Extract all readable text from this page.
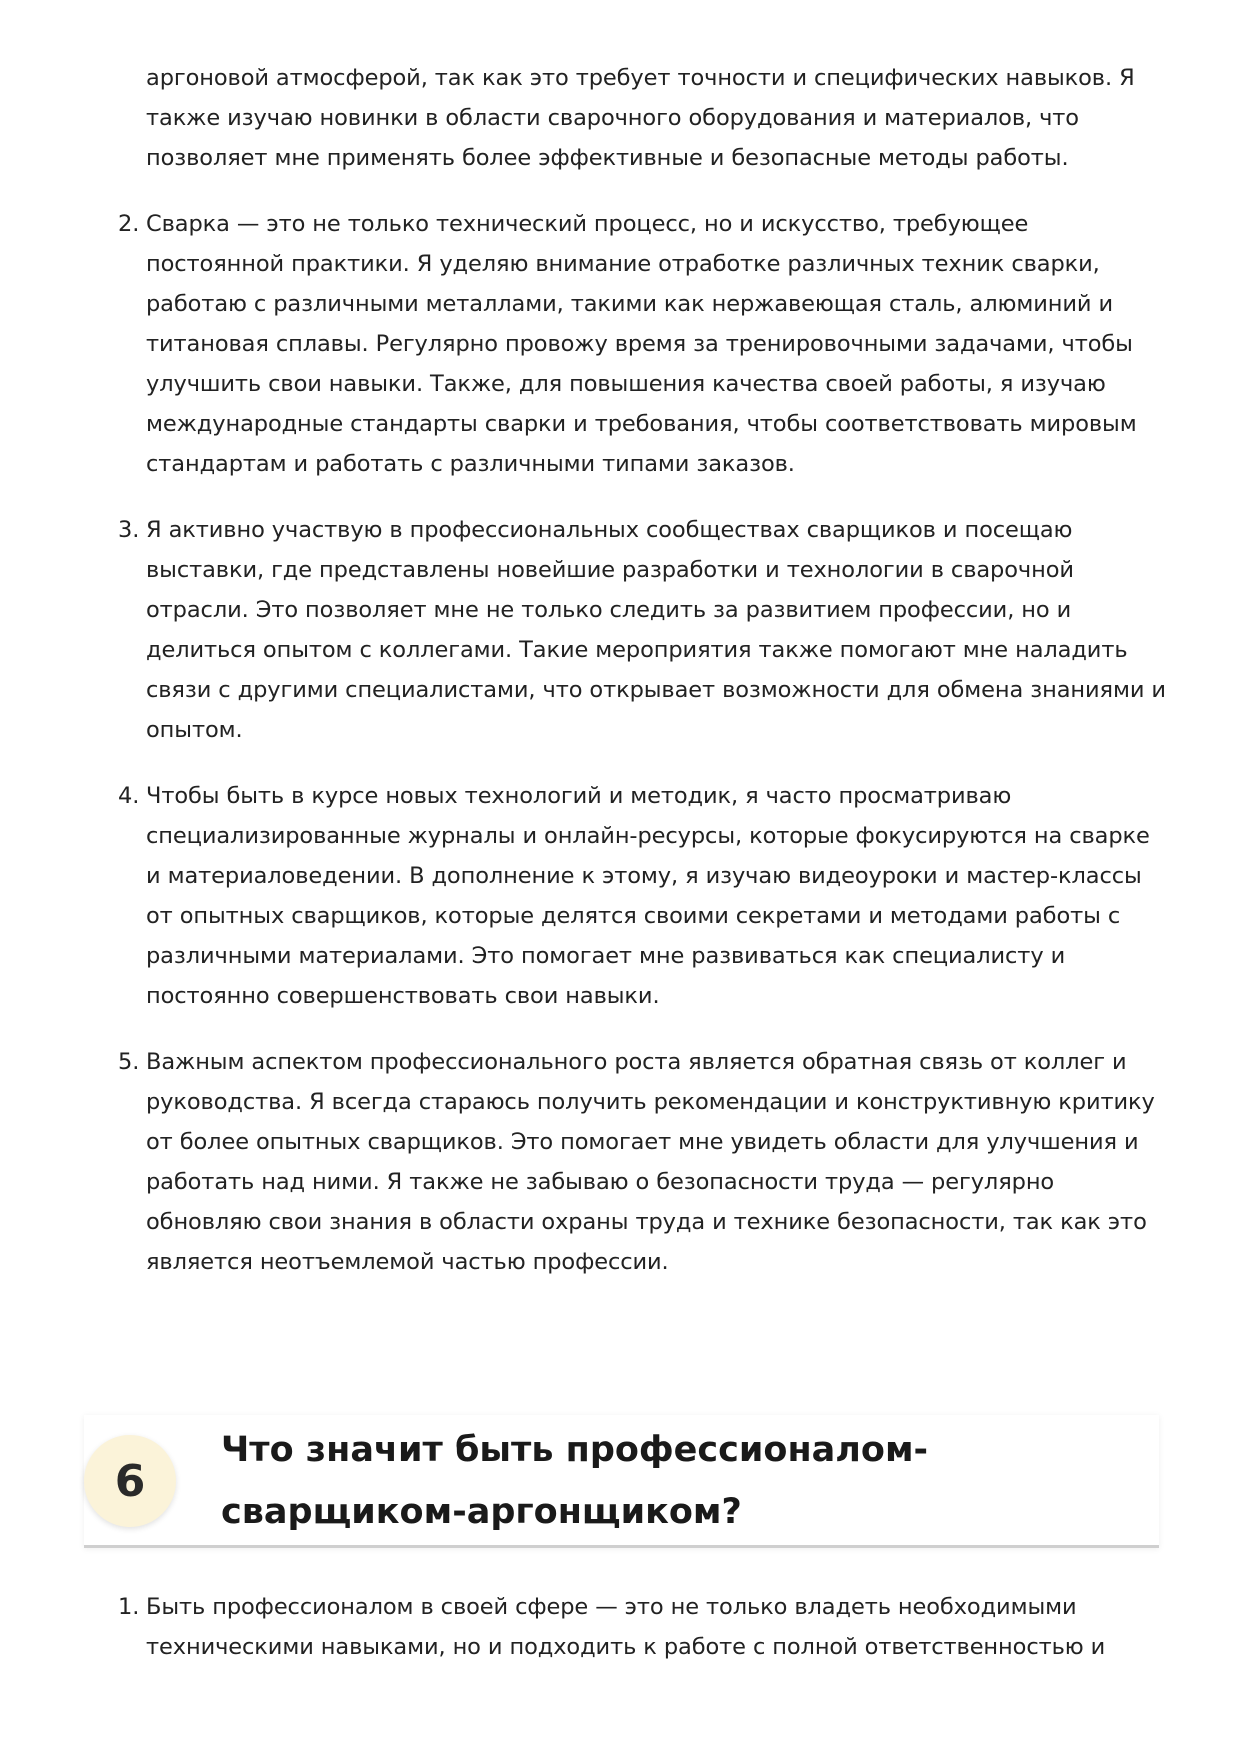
аргоновой атмосферой, так как это требует точности и специфических навыков. Я также изучаю новинки в области сварочного оборудования и материалов, что позволяет мне применять более эффективные и безопасные методы работы.
2. Сварка — это не только технический процесс, но и искусство, требующее постоянной практики. Я уделяю внимание отработке различных техник сварки, работаю с различными металлами, такими как нержавеющая сталь, алюминий и титановая сплавы. Регулярно провожу время за тренировочными задачами, чтобы улучшить свои навыки. Также, для повышения качества своей работы, я изучаю международные стандарты сварки и требования, чтобы соответствовать мировым стандартам и работать с различными типами заказов.
3. Я активно участвую в профессиональных сообществах сварщиков и посещаю выставки, где представлены новейшие разработки и технологии в сварочной отрасли. Это позволяет мне не только следить за развитием профессии, но и делиться опытом с коллегами. Такие мероприятия также помогают мне наладить связи с другими специалистами, что открывает возможности для обмена знаниями и опытом.
4. Чтобы быть в курсе новых технологий и методик, я часто просматриваю специализированные журналы и онлайн-ресурсы, которые фокусируются на сварке и материаловедении. В дополнение к этому, я изучаю видеоуроки и мастер-классы от опытных сварщиков, которые делятся своими секретами и методами работы с различными материалами. Это помогает мне развиваться как специалисту и постоянно совершенствовать свои навыки.
5. Важным аспектом профессионального роста является обратная связь от коллег и руководства. Я всегда стараюсь получить рекомендации и конструктивную критику от более опытных сварщиков. Это помогает мне увидеть области для улучшения и работать над ними. Я также не забываю о безопасности труда — регулярно обновляю свои знания в области охраны труда и технике безопасности, так как это является неотъемлемой частью профессии.
6
Что значит быть профессионалом-сварщиком-аргонщиком?
1. Быть профессионалом в своей сфере — это не только владеть необходимыми техническими навыками, но и подходить к работе с полной ответственностью и
